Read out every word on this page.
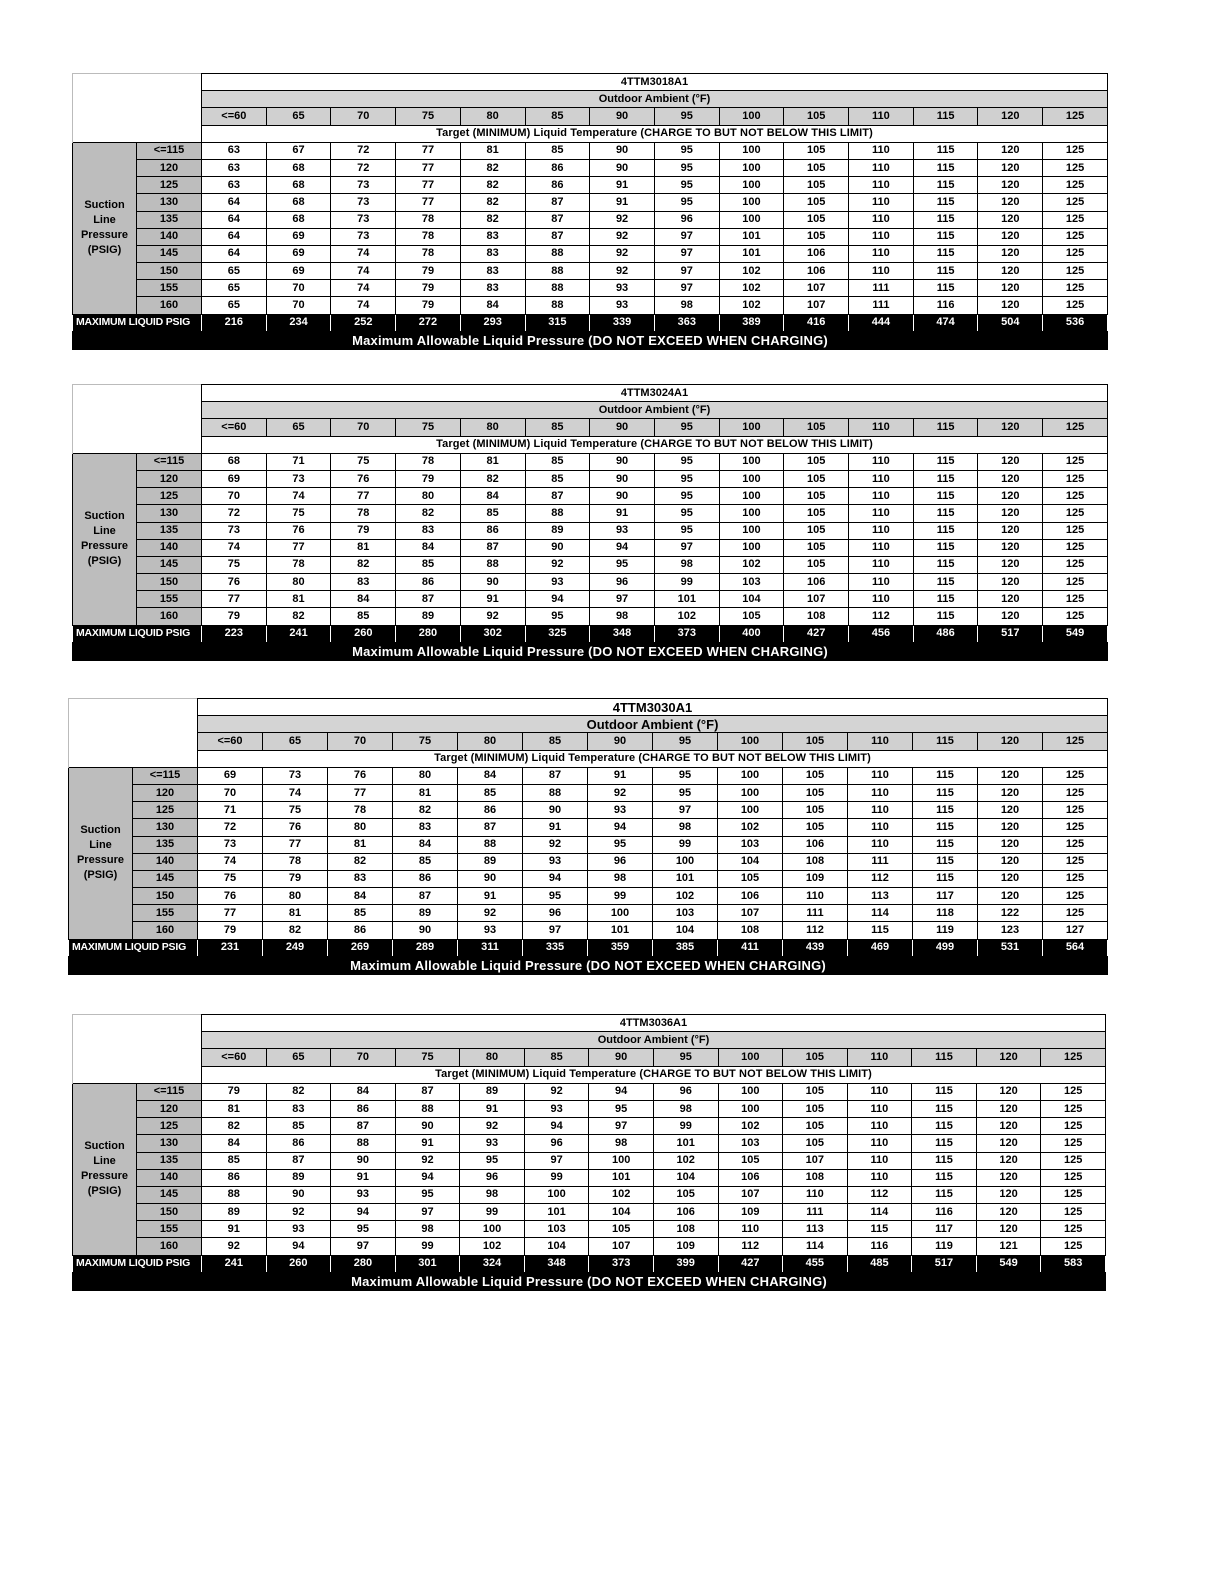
		4TTM3018A1													
		Outdoor Ambient (°F)													
		<=60	65	70	75	80	85	90	95	100	105	110	115	120	125
		Target (MINIMUM) Liquid Temperature (CHARGE TO BUT NOT BELOW THIS LIMIT)													

Suction
Line
Pressure
(PSIG)	<=115	63	67	72	77	81	85	90	95	100	105	110	115	120	125
	120	63	68	72	77	82	86	90	95	100	105	110	115	120	125
	125	63	68	73	77	82	86	91	95	100	105	110	115	120	125
	130	64	68	73	77	82	87	91	95	100	105	110	115	120	125
	135	64	68	73	78	82	87	92	96	100	105	110	115	120	125
	140	64	69	73	78	83	87	92	97	101	105	110	115	120	125
	145	64	69	74	78	83	88	92	97	101	106	110	115	120	125
	150	65	69	74	79	83	88	92	97	102	106	110	115	120	125
	155	65	70	74	79	83	88	93	97	102	107	111	115	120	125
	160	65	70	74	79	84	88	93	98	102	107	111	116	120	125
MAXIMUM LIQUID PSIG		216	234	252	272	293	315	339	363	389	416	444	474	504	536
Maximum Allowable Liquid Pressure (DO NOT EXCEED WHEN CHARGING)															
		4TTM3024A1													
		Outdoor Ambient (°F)													
		<=60	65	70	75	80	85	90	95	100	105	110	115	120	125
		Target (MINIMUM) Liquid Temperature (CHARGE TO BUT NOT BELOW THIS LIMIT)													

Suction
Line
Pressure
(PSIG)	<=115	68	71	75	78	81	85	90	95	100	105	110	115	120	125
	120	69	73	76	79	82	85	90	95	100	105	110	115	120	125
	125	70	74	77	80	84	87	90	95	100	105	110	115	120	125
	130	72	75	78	82	85	88	91	95	100	105	110	115	120	125
	135	73	76	79	83	86	89	93	95	100	105	110	115	120	125
	140	74	77	81	84	87	90	94	97	100	105	110	115	120	125
	145	75	78	82	85	88	92	95	98	102	105	110	115	120	125
	150	76	80	83	86	90	93	96	99	103	106	110	115	120	125
	155	77	81	84	87	91	94	97	101	104	107	110	115	120	125
	160	79	82	85	89	92	95	98	102	105	108	112	115	120	125
MAXIMUM LIQUID PSIG		223	241	260	280	302	325	348	373	400	427	456	486	517	549
Maximum Allowable Liquid Pressure (DO NOT EXCEED WHEN CHARGING)															
		4TTM3030A1													
		Outdoor Ambient (°F)													
		<=60	65	70	75	80	85	90	95	100	105	110	115	120	125
		Target (MINIMUM) Liquid Temperature (CHARGE TO BUT NOT BELOW THIS LIMIT)													

Suction
Line
Pressure
(PSIG)	<=115	69	73	76	80	84	87	91	95	100	105	110	115	120	125
	120	70	74	77	81	85	88	92	95	100	105	110	115	120	125
	125	71	75	78	82	86	90	93	97	100	105	110	115	120	125
	130	72	76	80	83	87	91	94	98	102	105	110	115	120	125
	135	73	77	81	84	88	92	95	99	103	106	110	115	120	125
	140	74	78	82	85	89	93	96	100	104	108	111	115	120	125
	145	75	79	83	86	90	94	98	101	105	109	112	115	120	125
	150	76	80	84	87	91	95	99	102	106	110	113	117	120	125
	155	77	81	85	89	92	96	100	103	107	111	114	118	122	125
	160	79	82	86	90	93	97	101	104	108	112	115	119	123	127
MAXIMUM LIQUID PSIG		231	249	269	289	311	335	359	385	411	439	469	499	531	564
Maximum Allowable Liquid Pressure (DO NOT EXCEED WHEN CHARGING)															
		4TTM3036A1													
		Outdoor Ambient (°F)													
		<=60	65	70	75	80	85	90	95	100	105	110	115	120	125
		Target (MINIMUM) Liquid Temperature (CHARGE TO BUT NOT BELOW THIS LIMIT)													

Suction
Line
Pressure
(PSIG)	<=115	79	82	84	87	89	92	94	96	100	105	110	115	120	125
	120	81	83	86	88	91	93	95	98	100	105	110	115	120	125
	125	82	85	87	90	92	94	97	99	102	105	110	115	120	125
	130	84	86	88	91	93	96	98	101	103	105	110	115	120	125
	135	85	87	90	92	95	97	100	102	105	107	110	115	120	125
	140	86	89	91	94	96	99	101	104	106	108	110	115	120	125
	145	88	90	93	95	98	100	102	105	107	110	112	115	120	125
	150	89	92	94	97	99	101	104	106	109	111	114	116	120	125
	155	91	93	95	98	100	103	105	108	110	113	115	117	120	125
	160	92	94	97	99	102	104	107	109	112	114	116	119	121	125
MAXIMUM LIQUID PSIG		241	260	280	301	324	348	373	399	427	455	485	517	549	583
Maximum Allowable Liquid Pressure (DO NOT EXCEED WHEN CHARGING)															
